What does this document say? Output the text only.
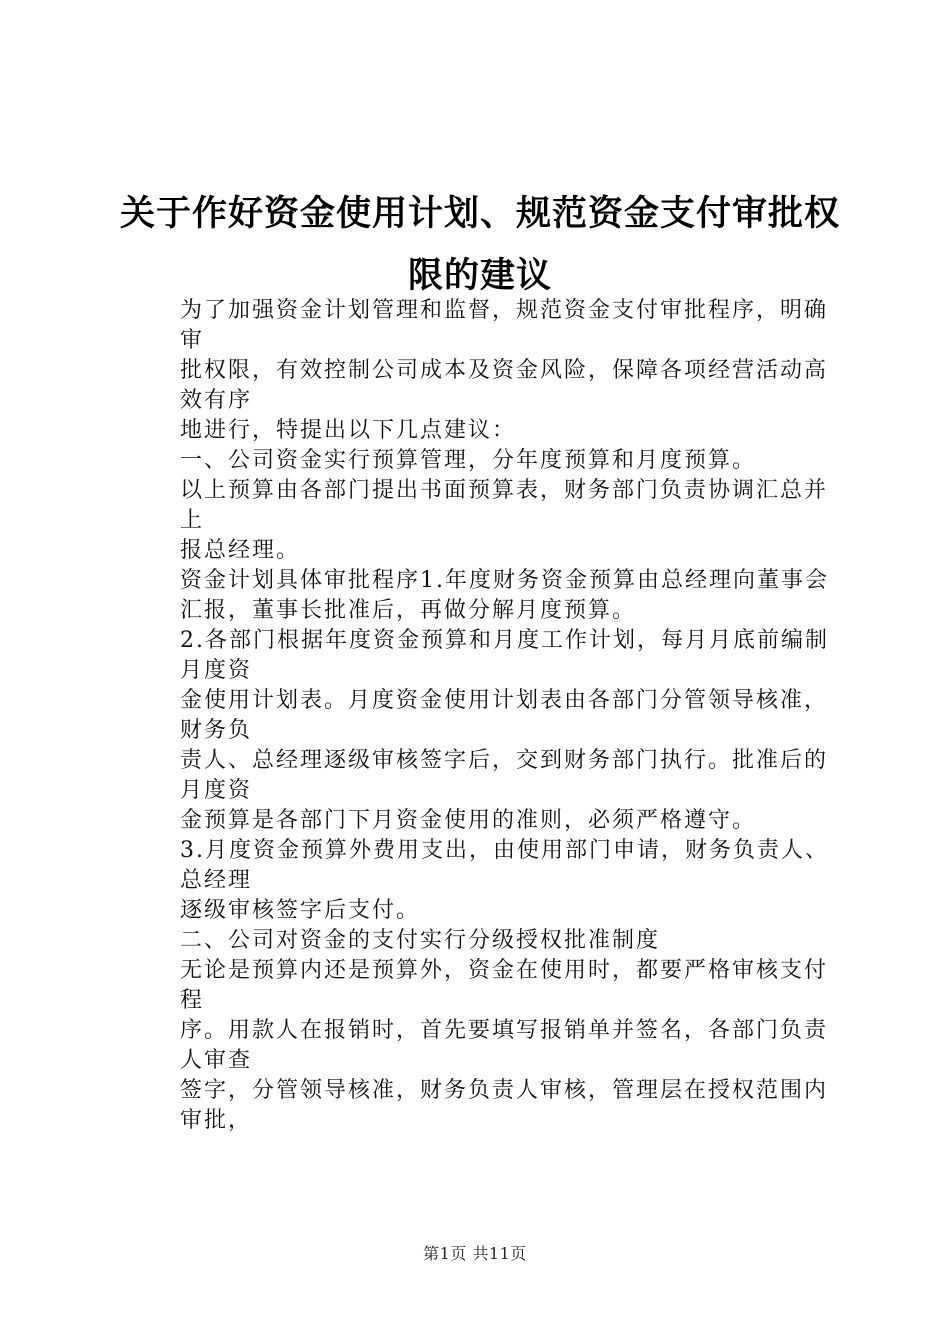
关于作好资金使用计划、规范资金支付审批权
限的建议

为了加强资金计划管理和监督，规范资金支付审批程序，明确审

批权限，有效控制公司成本及资金风险，保障各项经营活动高效有序

地进行，特提出以下几点建议：

一、公司资金实行预算管理，分年度预算和月度预算。

以上预算由各部门提出书面预算表，财务部门负责协调汇总并上

报总经理。

资金计划具体审批程序1.年度财务资金预算由总经理向董事会

汇报，董事长批准后，再做分解月度预算。

2.各部门根据年度资金预算和月度工作计划，每月月底前编制月度资

金使用计划表。月度资金使用计划表由各部门分管领导核准，财务负

责人、总经理逐级审核签字后，交到财务部门执行。批准后的月度资

金预算是各部门下月资金使用的准则，必须严格遵守。

3.月度资金预算外费用支出，由使用部门申请，财务负责人、总经理

逐级审核签字后支付。

二、公司对资金的支付实行分级授权批准制度

无论是预算内还是预算外，资金在使用时，都要严格审核支付程

序。用款人在报销时，首先要填写报销单并签名，各部门负责人审查

签字，分管领导核准，财务负责人审核，管理层在授权范围内审批，

第1页 共11页
